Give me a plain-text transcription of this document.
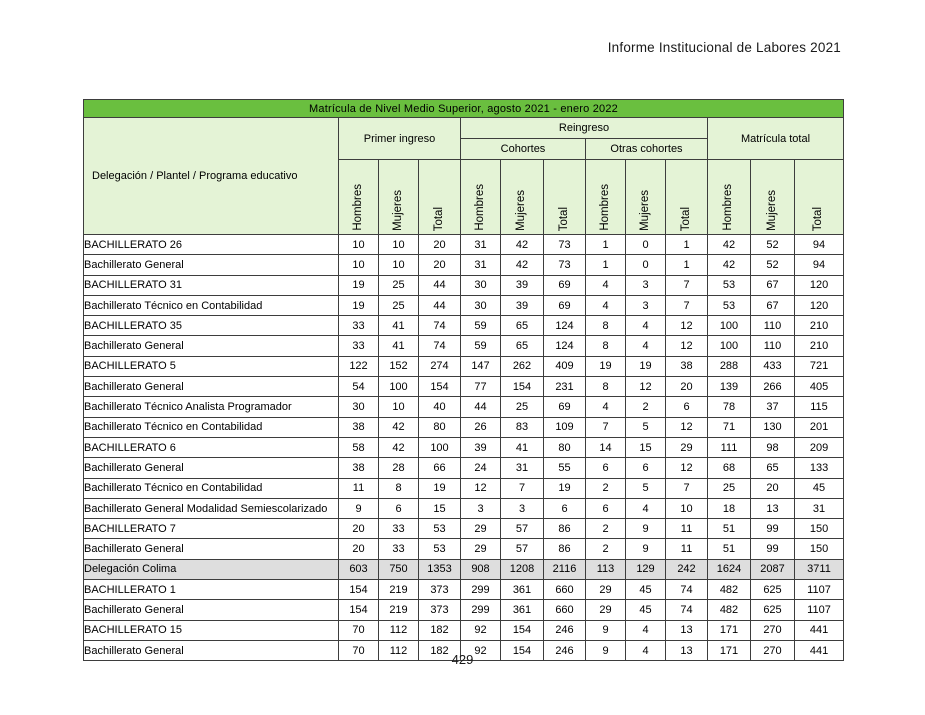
Informe Institucional de Labores 2021
Matrícula de Nivel Medio Superior, agosto 2021 - enero 2022												
Delegación / Plantel / Programa educativo	Primer ingreso			Reingreso						Matrícula total		
				Cohortes			Otras cohortes					
	Hombres	Mujeres	Total	Hombres	Mujeres	Total	Hombres	Mujeres	Total	Hombres	Mujeres	Total
BACHILLERATO 26	10	10	20	31	42	73	1	0	1	42	52	94
Bachillerato General	10	10	20	31	42	73	1	0	1	42	52	94
BACHILLERATO 31	19	25	44	30	39	69	4	3	7	53	67	120
Bachillerato Técnico en Contabilidad	19	25	44	30	39	69	4	3	7	53	67	120
BACHILLERATO 35	33	41	74	59	65	124	8	4	12	100	110	210
Bachillerato General	33	41	74	59	65	124	8	4	12	100	110	210
BACHILLERATO 5	122	152	274	147	262	409	19	19	38	288	433	721
Bachillerato General	54	100	154	77	154	231	8	12	20	139	266	405
Bachillerato Técnico Analista Programador	30	10	40	44	25	69	4	2	6	78	37	115
Bachillerato Técnico en Contabilidad	38	42	80	26	83	109	7	5	12	71	130	201
BACHILLERATO 6	58	42	100	39	41	80	14	15	29	111	98	209
Bachillerato General	38	28	66	24	31	55	6	6	12	68	65	133
Bachillerato Técnico en Contabilidad	11	8	19	12	7	19	2	5	7	25	20	45
Bachillerato General Modalidad Semiescolarizado	9	6	15	3	3	6	6	4	10	18	13	31
BACHILLERATO 7	20	33	53	29	57	86	2	9	11	51	99	150
Bachillerato General	20	33	53	29	57	86	2	9	11	51	99	150
Delegación Colima	603	750	1353	908	1208	2116	113	129	242	1624	2087	3711
BACHILLERATO 1	154	219	373	299	361	660	29	45	74	482	625	1107
Bachillerato General	154	219	373	299	361	660	29	45	74	482	625	1107
BACHILLERATO 15	70	112	182	92	154	246	9	4	13	171	270	441
Bachillerato General	70	112	182	92	154	246	9	4	13	171	270	441
429
